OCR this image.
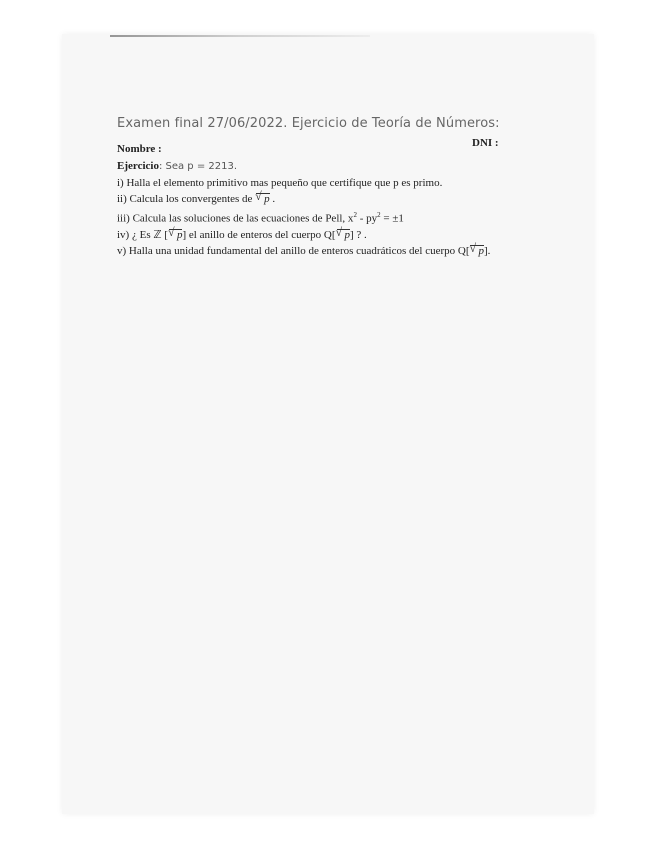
Examen final 27/06/2022. Ejercicio de Teoría de Números:
Nombre :	DNI :
Ejercicio: Sea p = 2213.
i) Halla el elemento primitivo mas pequeño que certifique que p es primo.
ii) Calcula los convergentes de √ p .
iii) Calcula las soluciones de las ecuaciones de Pell, $x^2 - py^2 = \pm 1$
iv) ¿ Es ℤ [ √ p] el anillo de enteros del cuerpo Q[ √ p] ? .
v) Halla una unidad fundamental del anillo de enteros cuadráticos del cuerpo Q[ √ p].
